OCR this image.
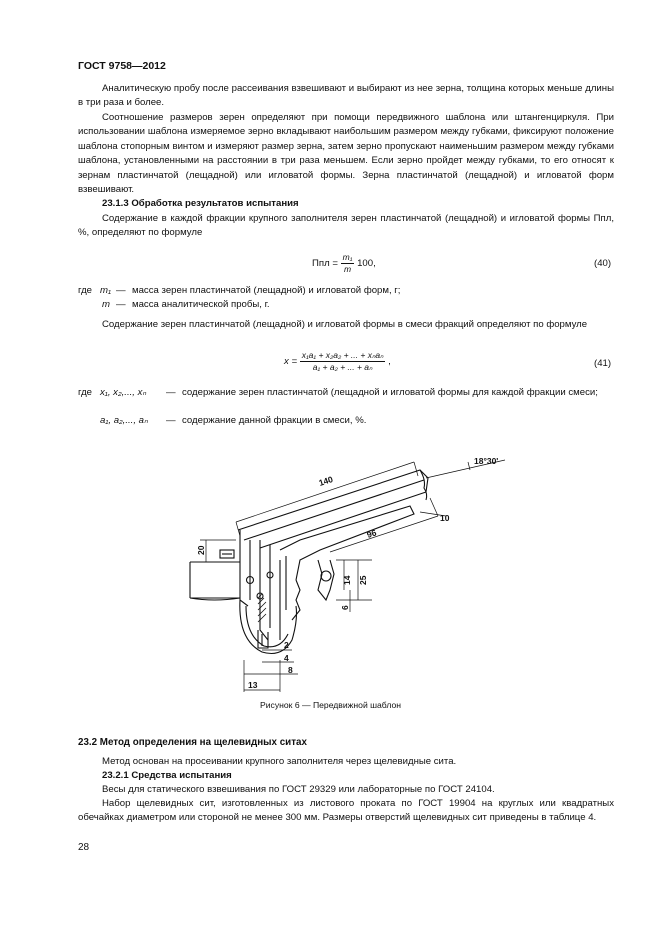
ГОСТ 9758—2012

Аналитическую пробу после рассеивания взвешивают и выбирают из нее зерна, толщина которых меньше длины в три раза и более.

Соотношение размеров зерен определяют при помощи передвижного шаблона или штангенциркуля. При использовании шаблона измеряемое зерно вкладывают наибольшим размером между губками, фиксируют положение шаблона стопорным винтом и измеряют размер зерна, затем зерно пропускают наименьшим размером между губками шаблона, установленными на расстоянии в три раза меньшем. Если зерно пройдет между губками, то его относят к зернам пластинчатой (лещадной) или игловатой формы. Зерна пластинчатой (лещадной) и игловатой форм взвешивают.

23.1.3 Обработка результатов испытания

Содержание в каждой фракции крупного заполнителя зерен пластинчатой (лещадной) и игловатой формы Ппл, %, определяют по формуле

Ппл = $\frac{\text{m₁}}{m} 100$,	(40)
где m₁ — масса зерен пластинчатой (лещадной) и игловатой форм, г;
m — масса аналитической пробы, г.

Содержание зерен пластинчатой (лещадной) и игловатой формы в смеси фракций определяют по формуле

$x = \frac{\text{x₁a₁ + x₂a₂ + ... + xₙaₙ}}{\text{a₁ + a₂ + ... + aₙ}}$ ,	(41)
где x₁, x₂,..., xₙ — содержание зерен пластинчатой (лещадной и игловатой формы для каждой фракции смеси;
a₁, a₂,..., aₙ — содержание данной фракции в смеси, %.
140
96
10
18°30'
20
14 25
6
2
4
8
13
Рисунок 6 — Передвижной шаблон

23.2 Метод определения на щелевидных ситах

Метод основан на просеивании крупного заполнителя через щелевидные сита.

23.2.1 Средства испытания

Весы для статического взвешивания по ГОСТ 29329 или лабораторные по ГОСТ 24104.

Набор щелевидных сит, изготовленных из листового проката по ГОСТ 19904 на круглых или квадратных обечайках диаметром или стороной не менее 300 мм. Размеры отверстий щелевидных сит приведены в таблице 4.

28
